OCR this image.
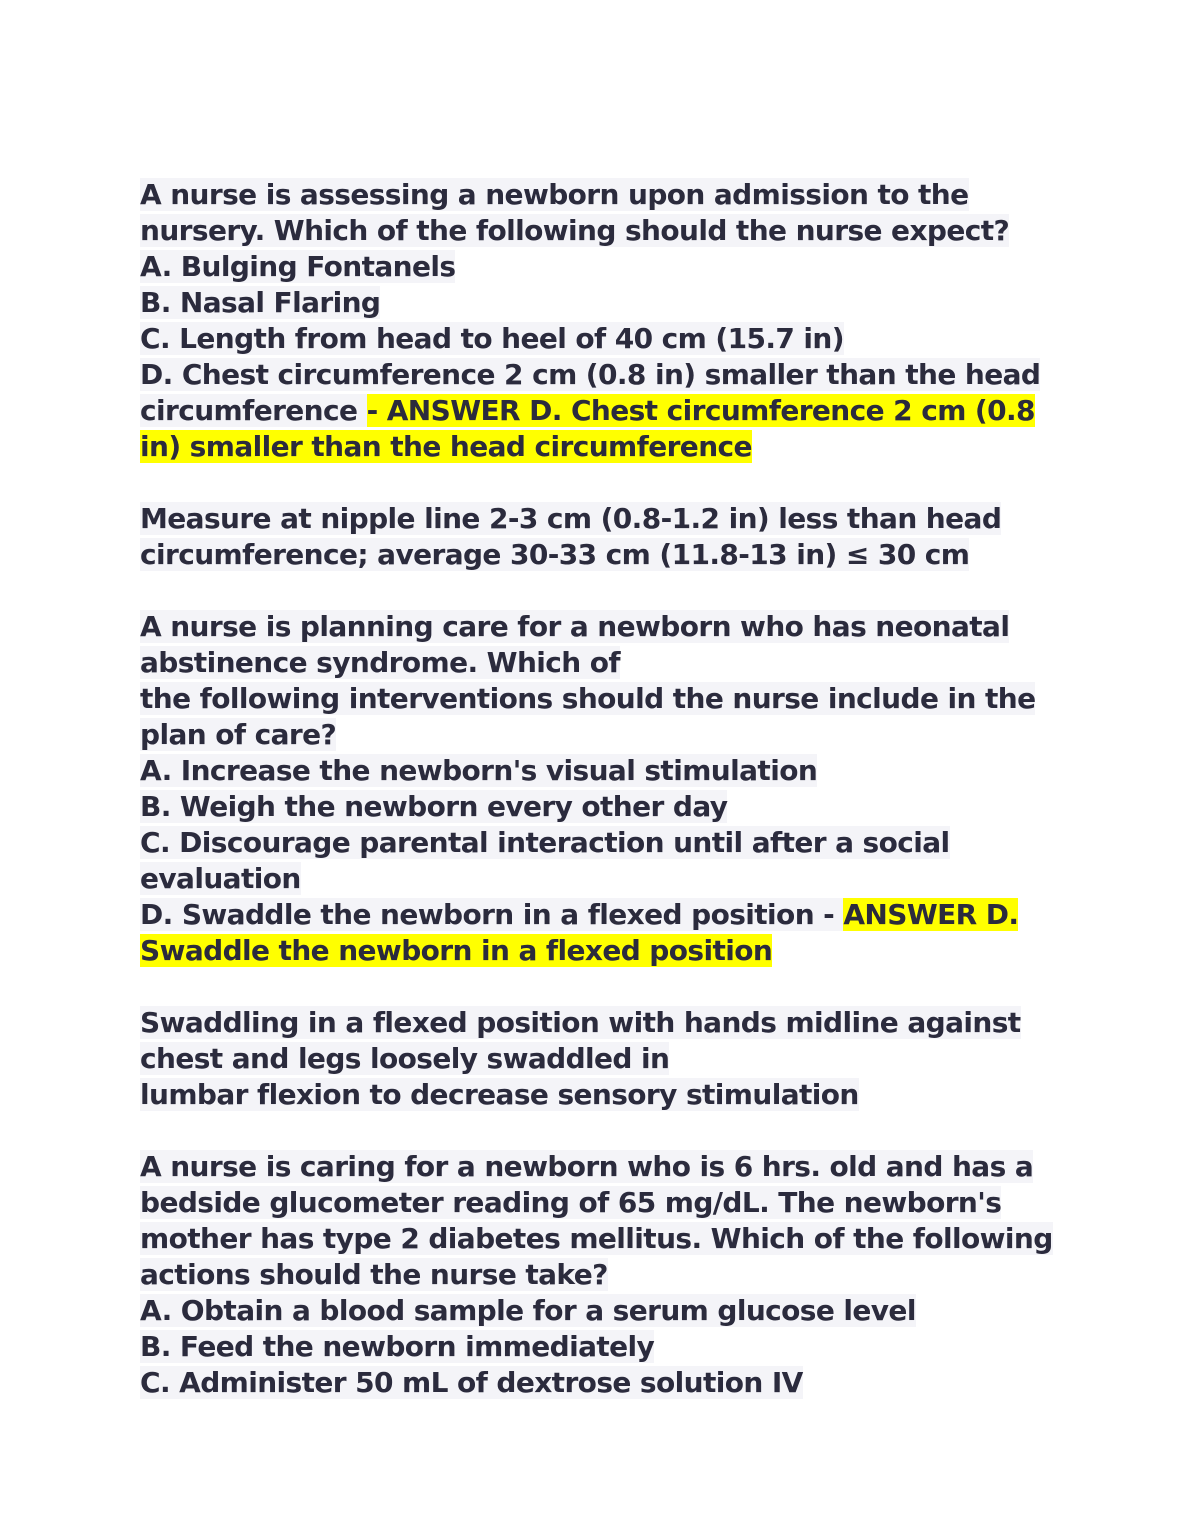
A nurse is assessing a newborn upon admission to the
nursery. Which of the following should the nurse expect?
A. Bulging Fontanels
B. Nasal Flaring
C. Length from head to heel of 40 cm (15.7 in)
D. Chest circumference 2 cm (0.8 in) smaller than the head
circumference - ANSWER D. Chest circumference 2 cm (0.8
in) smaller than the head circumference
Measure at nipple line 2-3 cm (0.8-1.2 in) less than head
circumference; average 30-33 cm (11.8-13 in) ≤ 30 cm
A nurse is planning care for a newborn who has neonatal
abstinence syndrome. Which of
the following interventions should the nurse include in the
plan of care?
A. Increase the newborn's visual stimulation
B. Weigh the newborn every other day
C. Discourage parental interaction until after a social
evaluation
D. Swaddle the newborn in a flexed position - ANSWER D.
Swaddle the newborn in a flexed position
Swaddling in a flexed position with hands midline against
chest and legs loosely swaddled in
lumbar flexion to decrease sensory stimulation
A nurse is caring for a newborn who is 6 hrs. old and has a
bedside glucometer reading of 65 mg/dL. The newborn's
mother has type 2 diabetes mellitus. Which of the following
actions should the nurse take?
A. Obtain a blood sample for a serum glucose level
B. Feed the newborn immediately
C. Administer 50 mL of dextrose solution IV
